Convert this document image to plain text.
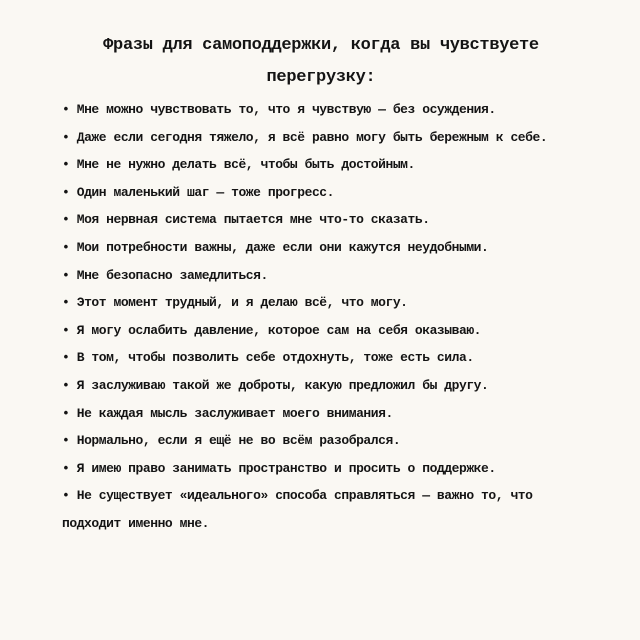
Фразы для самоподдержки, когда вы чувствуете перегрузку:
• Мне можно чувствовать то, что я чувствую — без осуждения.
• Даже если сегодня тяжело, я всё равно могу быть бережным к себе.
• Мне не нужно делать всё, чтобы быть достойным.
• Один маленький шаг — тоже прогресс.
• Моя нервная система пытается мне что-то сказать.
• Мои потребности важны, даже если они кажутся неудобными.
• Мне безопасно замедлиться.
• Этот момент трудный, и я делаю всё, что могу.
• Я могу ослабить давление, которое сам на себя оказываю.
• В том, чтобы позволить себе отдохнуть, тоже есть сила.
• Я заслуживаю такой же доброты, какую предложил бы другу.
• Не каждая мысль заслуживает моего внимания.
• Нормально, если я ещё не во всём разобрался.
• Я имею право занимать пространство и просить о поддержке.
• Не существует «идеального» способа справляться — важно то, что подходит именно мне.
